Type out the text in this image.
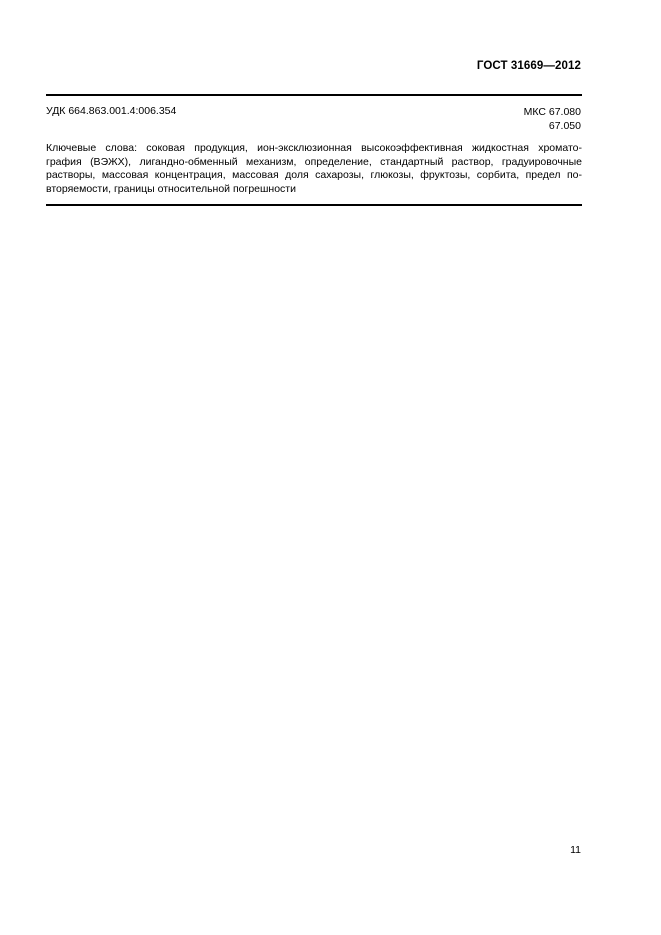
ГОСТ 31669—2012
УДК 664.863.001.4:006.354	МКС 67.080
67.050
Ключевые слова: соковая продукция, ион-эксклюзионная высокоэффективная жидкостная хромато-
графия (ВЭЖХ), лигандно-обменный механизм, определение, стандартный раствор, градуировочные
растворы, массовая концентрация, массовая доля сахарозы, глюкозы, фруктозы, сорбита, предел по-
вторяемости, границы относительной погрешности
11
